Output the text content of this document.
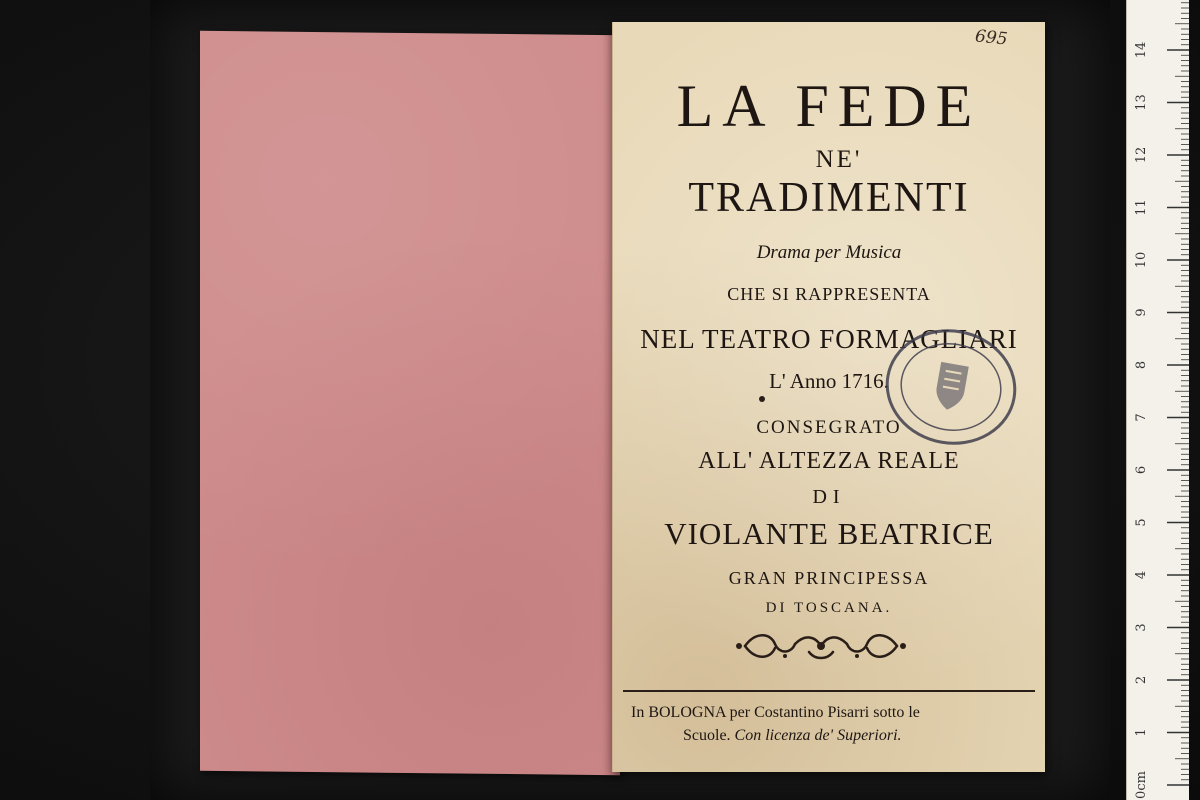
695
LA FEDE
NE'
TRADIMENTI
Drama per Musica
CHE SI RAPPRESENTA
NEL TEATRO FORMAGLIARI
L' Anno 1716.
CONSEGRATO
ALL' ALTEZZA REALE
DI
VIOLANTE BEATRICE
GRAN PRINCIPESSA
DI TOSCANA.
In BOLOGNA per Costantino Pisarri sotto le
Scuole. Con licenza de' Superiori.
0cm
1
2
3
4
5
6
7
8
9
10
11
12
13
14
